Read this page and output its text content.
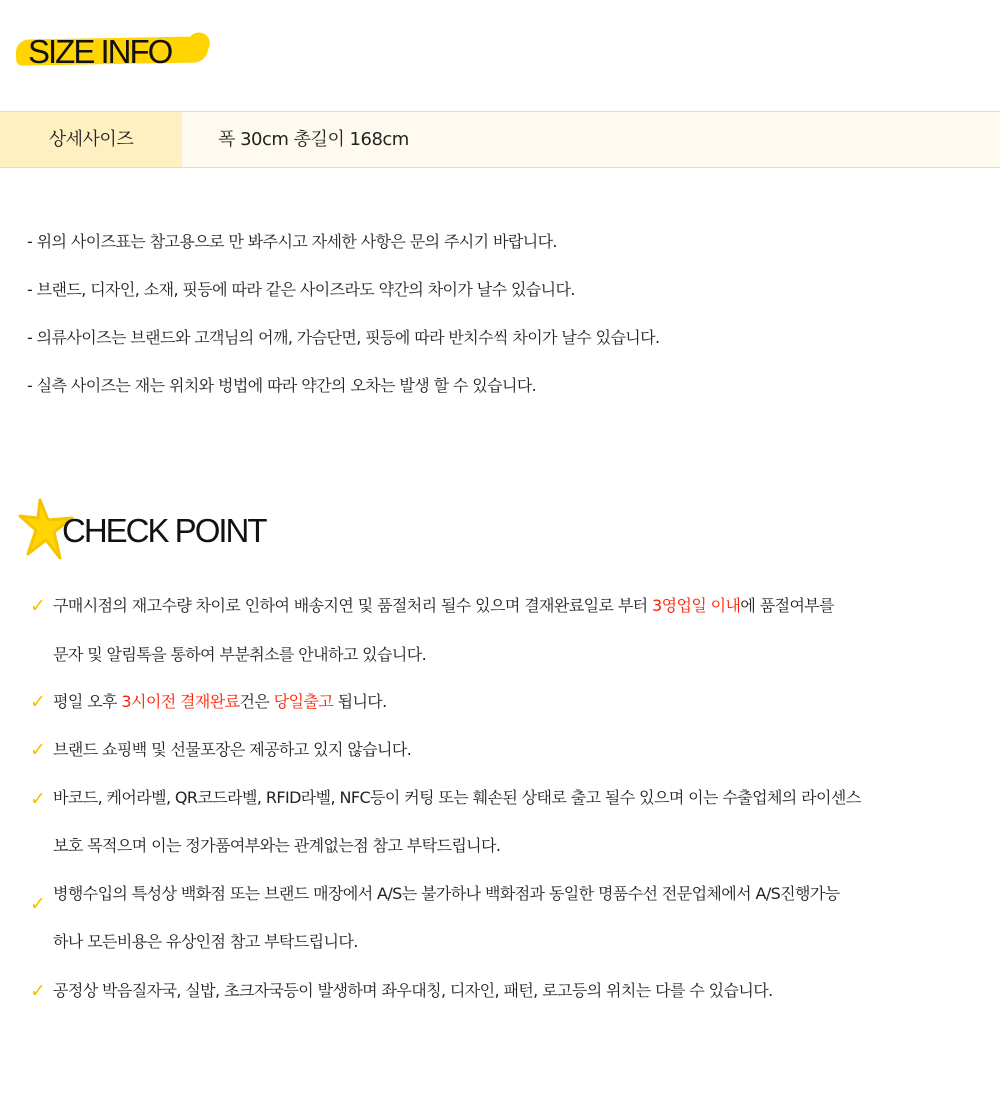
SIZE INFO
상세사이즈	폭 30cm 총길이 168cm
- 위의 사이즈표는 참고용으로 만 봐주시고 자세한 사항은 문의 주시기 바랍니다.
- 브랜드, 디자인, 소재, 핏등에 따라 같은 사이즈라도 약간의 차이가 날수 있습니다.
- 의류사이즈는 브랜드와 고객님의 어깨, 가슴단면, 핏등에 따라 반치수씩 차이가 날수 있습니다.
- 실측 사이즈는 재는 위치와 벙법에 따라 약간의 오차는 발생 할 수 있습니다.
CHECK POINT
✓ 구매시점의 재고수량 차이로 인하여 배송지연 및 품절처리 될수 있으며 결재완료일로 부터 3영업일 이내에 품절여부를
문자 및 알림톡을 통하여 부분취소를 안내하고 있습니다.
✓ 평일 오후 3시이전 결재완료건은 당일출고 됩니다.
✓ 브랜드 쇼핑백 및 선물포장은 제공하고 있지 않습니다.
✓ 바코드, 케어라벨, QR코드라벨, RFID라벨, NFC등이 커팅 또는 훼손된 상태로 출고 될수 있으며 이는 수출업체의 라이센스
보호 목적으며 이는 정가품여부와는 관계없는점 참고 부탁드립니다.
✓ 병행수입의 특성상 백화점 또는 브랜드 매장에서 A/S는 불가하나 백화점과 동일한 명품수선 전문업체에서 A/S진행가능
하나 모든비용은 유상인점 참고 부탁드립니다.
✓ 공정상 박음질자국, 실밥, 초크자국등이 발생하며 좌우대칭, 디자인, 패턴, 로고등의 위치는 다를 수 있습니다.
